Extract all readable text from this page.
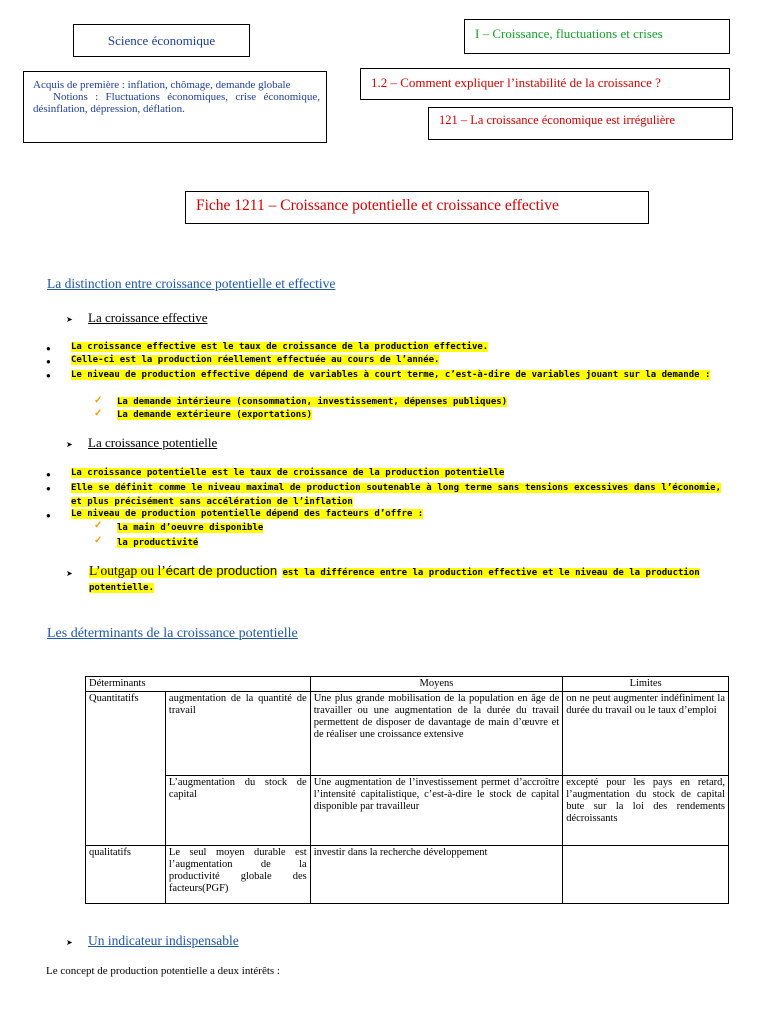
Science économique	I – Croissance, fluctuations et crises

Acquis de première : inflation, chômage, demande globale

Notions : Fluctuations économiques, crise économique, désinflation, dépression, déflation.

1.2 – Comment expliquer l’instabilité de la croissance ?
121 – La croissance économique est irrégulière
Fiche 1211 – Croissance potentielle et croissance effective
La distinction entre croissance potentielle et effective
➤ La croissance effective
● La croissance effective est le taux de croissance de la production effective.
● Celle-ci est la production réellement effectuée au cours de l’année.
● Le niveau de production effective dépend de variables à court terme, c’est-à-dire de variables jouant sur la demande :
✓ La demande intérieure (consommation, investissement, dépenses publiques)
✓ La demande extérieure (exportations)
➤ La croissance potentielle
● La croissance potentielle est le taux de croissance de la production potentielle
● Elle se définit comme le niveau maximal de production soutenable à long terme sans tensions excessives dans l’économie, et plus précisément sans accélération de l’inflation
● Le niveau de production potentielle dépend des facteurs d’offre :
✓ la main d’oeuvre disponible
✓ la productivité
➤ L’outgap ou l’écart de production est la différence entre la production effective et le niveau de la production potentielle.
Les déterminants de la croissance potentielle
Déterminants		Moyens	Limites
Quantitatifs	augmentation de la quantité de travail	Une plus grande mobilisation de la population en âge de travailler ou une augmentation de la durée du travail permettent de disposer de davantage de main d’œuvre et de réaliser une croissance extensive	on ne peut augmenter indéfiniment la durée du travail ou le taux d’emploi
	L’augmentation du stock de capital	Une augmentation de l’investissement permet d’accroître l’intensité capitalistique, c’est-à-dire le stock de capital disponible par travailleur	excepté pour les pays en retard, l’augmentation du stock de capital bute sur la loi des rendements décroissants
qualitatifs	Le seul moyen durable est l’augmentation de la productivité globale des facteurs(PGF)	investir dans la recherche développement	
➤ Un indicateur indispensable
Le concept de production potentielle a deux intérêts :
